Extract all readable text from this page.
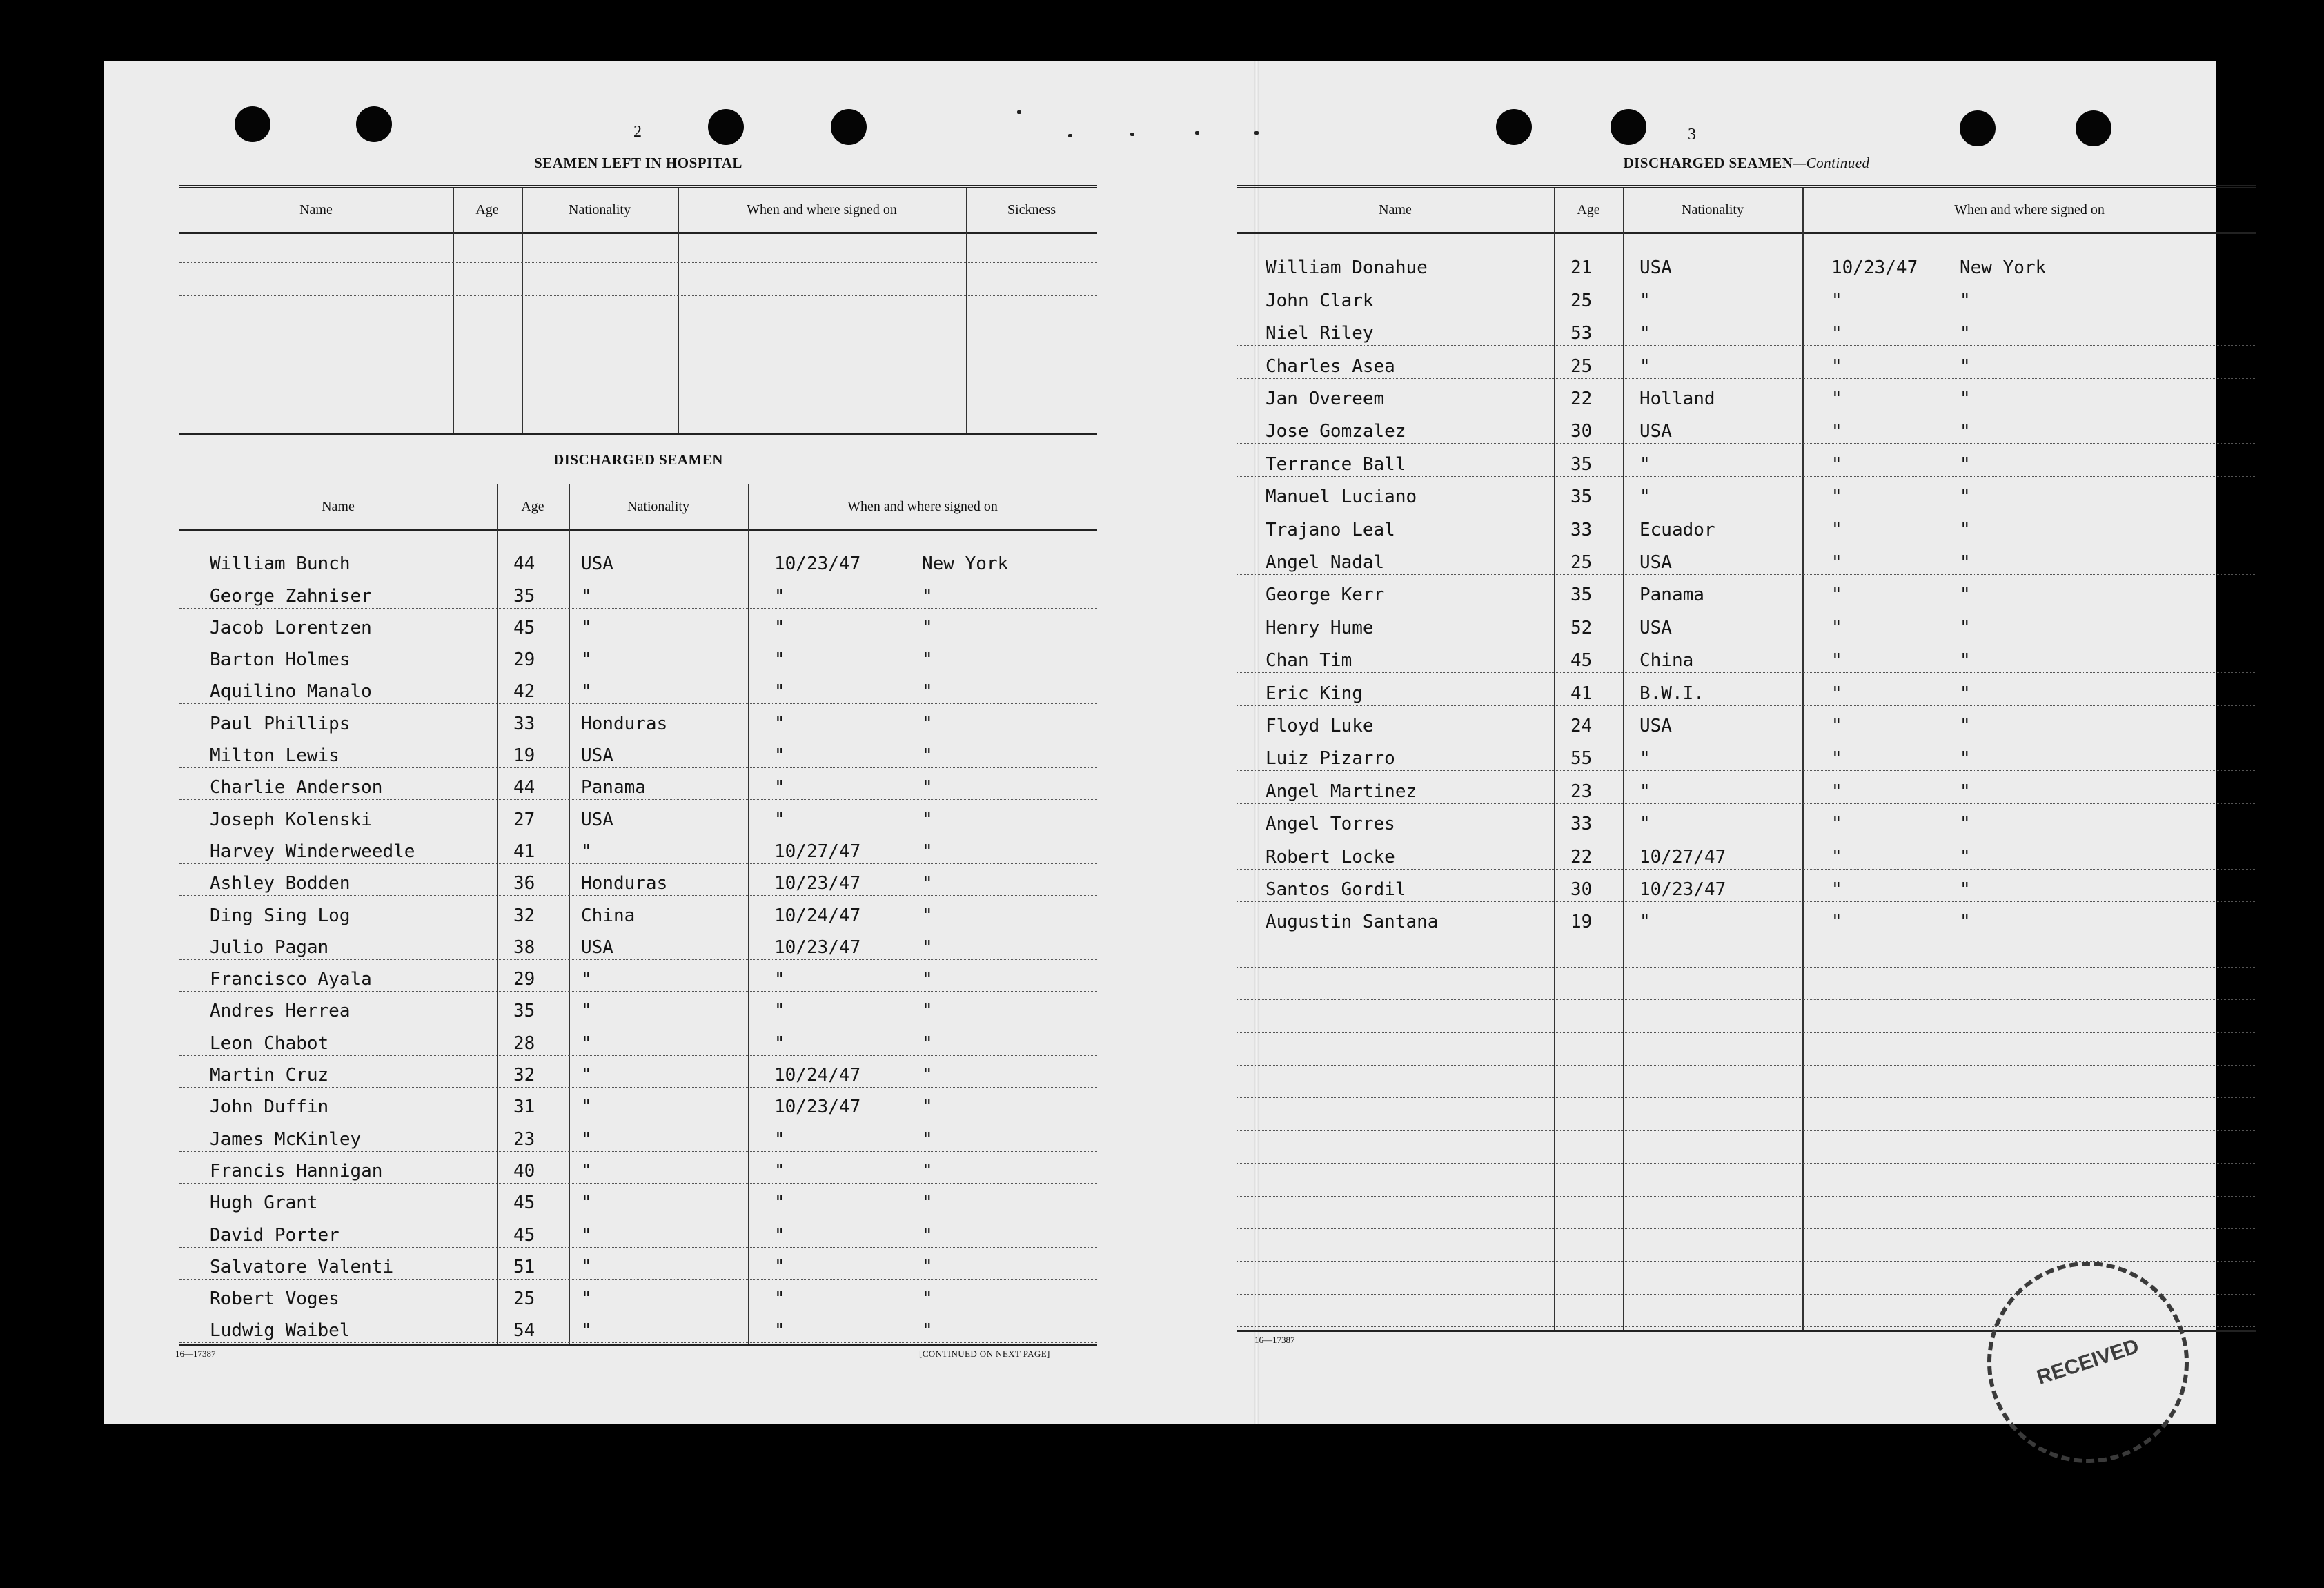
2
SEAMEN LEFT IN HOSPITAL
Name	Age	Nationality	When and where signed on	Sickness
DISCHARGED SEAMEN
Name	Age	Nationality	When and where signed on
William Bunch	44	USA	10/23/47	New York
George Zahniser	35	"	"	"
Jacob Lorentzen	45	"	"	"
Barton Holmes	29	"	"	"
Aquilino Manalo	42	"	"	"
Paul Phillips	33	Honduras	"	"
Milton Lewis	19	USA	"	"
Charlie Anderson	44	Panama	"	"
Joseph Kolenski	27	USA	"	"
Harvey Winderweedle	41	"	10/27/47	"
Ashley Bodden	36	Honduras	10/23/47	"
Ding Sing Log	32	China	10/24/47	"
Julio Pagan	38	USA	10/23/47	"
Francisco Ayala	29	"	"	"
Andres Herrea	35	"	"	"
Leon Chabot	28	"	"	"
Martin Cruz	32	"	10/24/47	"
John Duffin	31	"	10/23/47	"
James McKinley	23	"	"	"
Francis Hannigan	40	"	"	"
Hugh Grant	45	"	"	"
David Porter	45	"	"	"
Salvatore Valenti	51	"	"	"
Robert Voges	25	"	"	"
Ludwig Waibel	54	"	"	"
16—17387	[CONTINUED ON NEXT PAGE]
3
DISCHARGED SEAMEN—Continued
Name	Age	Nationality	When and where signed on
William Donahue	21	USA	10/23/47 New York
John Clark	25	"	"	"
Niel Riley	53	"	"	"
Charles Asea	25	"	"	"
Jan Overeem	22	Holland	"	"
Jose Gomzalez	30	USA	"	"
Terrance Ball	35	"	"	"
Manuel Luciano	35	"	"	"
Trajano Leal	33	Ecuador	"	"
Angel Nadal	25	USA	"	"
George Kerr	35	Panama	"	"
Henry Hume	52	USA	"	"
Chan Tim	45	China	"	"
Eric King	41	B.W.I.	"	"
Floyd Luke	24	USA	"	"
Luiz Pizarro	55	"	"	"
Angel Martinez	23	"	"	"
Angel Torres	33	"	"	"
Robert Locke	22	10/27/47	"	"
Santos Gordil	30	10/23/47	"	"
Augustin Santana	19	"	"	"
16—17387	RECEIVED
